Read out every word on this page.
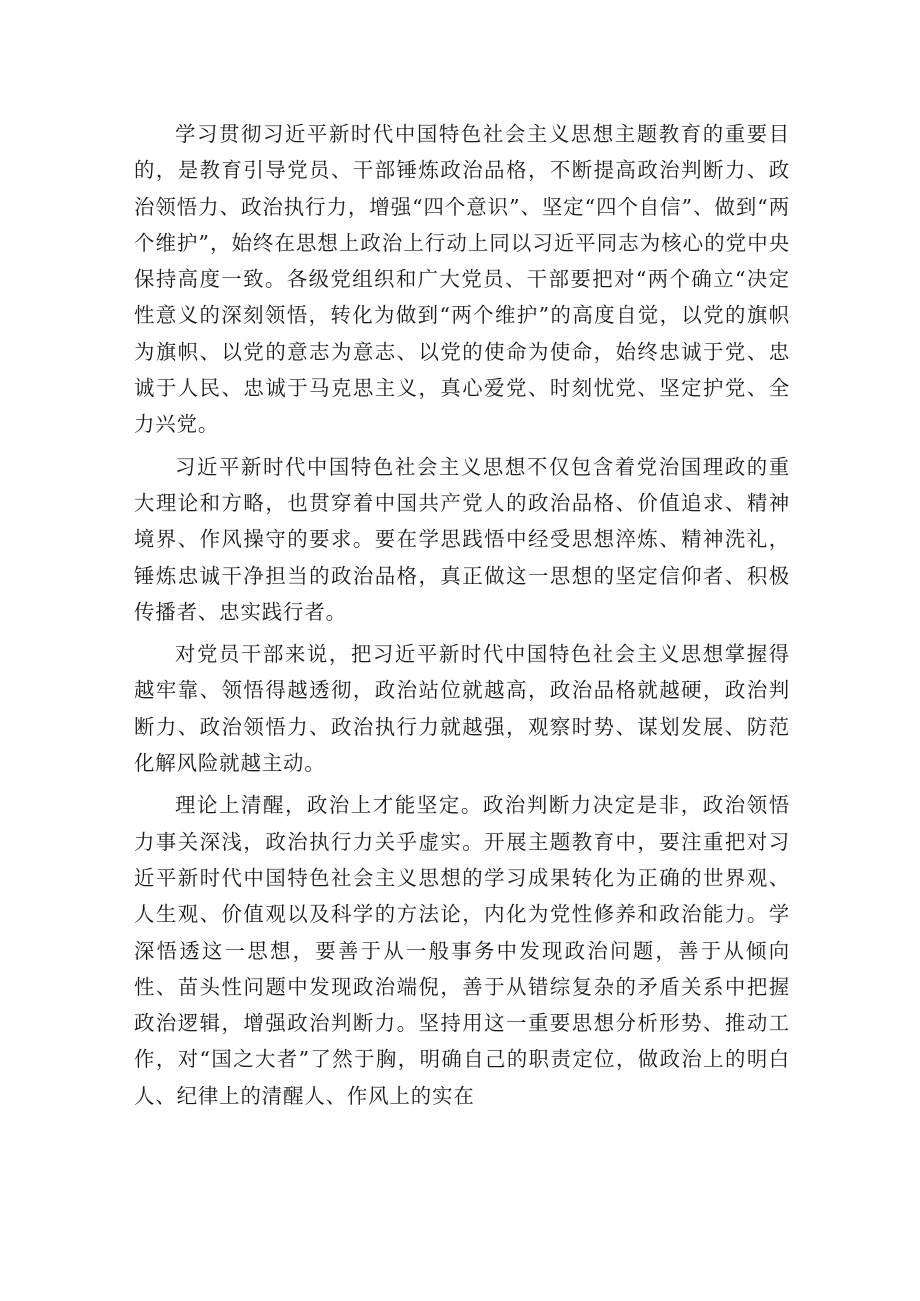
学习贯彻习近平新时代中国特色社会主义思想主题教育的重要目的，是教育引导党员、干部锤炼政治品格，不断提高政治判断力、政治领悟力、政治执行力，增强“四个意识”、坚定“四个自信”、做到“两个维护”，始终在思想上政治上行动上同以习近平同志为核心的党中央保持高度一致。各级党组织和广大党员、干部要把对“两个确立“决定性意义的深刻领悟，转化为做到“两个维护”的高度自觉，以党的旗帜为旗帜、以党的意志为意志、以党的使命为使命，始终忠诚于党、忠诚于人民、忠诚于马克思主义，真心爱党、时刻忧党、坚定护党、全力兴党。

习近平新时代中国特色社会主义思想不仅包含着党治国理政的重大理论和方略，也贯穿着中国共产党人的政治品格、价值追求、精神境界、作风操守的要求。要在学思践悟中经受思想淬炼、精神洗礼，锤炼忠诚干净担当的政治品格，真正做这一思想的坚定信仰者、积极传播者、忠实践行者。

对党员干部来说，把习近平新时代中国特色社会主义思想掌握得越牢靠、领悟得越透彻，政治站位就越高，政治品格就越硬，政治判断力、政治领悟力、政治执行力就越强，观察时势、谋划发展、防范化解风险就越主动。

理论上清醒，政治上才能坚定。政治判断力决定是非，政治领悟力事关深浅，政治执行力关乎虚实。开展主题教育中，要注重把对习近平新时代中国特色社会主义思想的学习成果转化为正确的世界观、人生观、价值观以及科学的方法论，内化为党性修养和政治能力。学深悟透这一思想，要善于从一般事务中发现政治问题，善于从倾向性、苗头性问题中发现政治端倪，善于从错综复杂的矛盾关系中把握政治逻辑，增强政治判断力。坚持用这一重要思想分析形势、推动工作，对“国之大者”了然于胸，明确自己的职责定位，做政治上的明白人、纪律上的清醒人、作风上的实在
